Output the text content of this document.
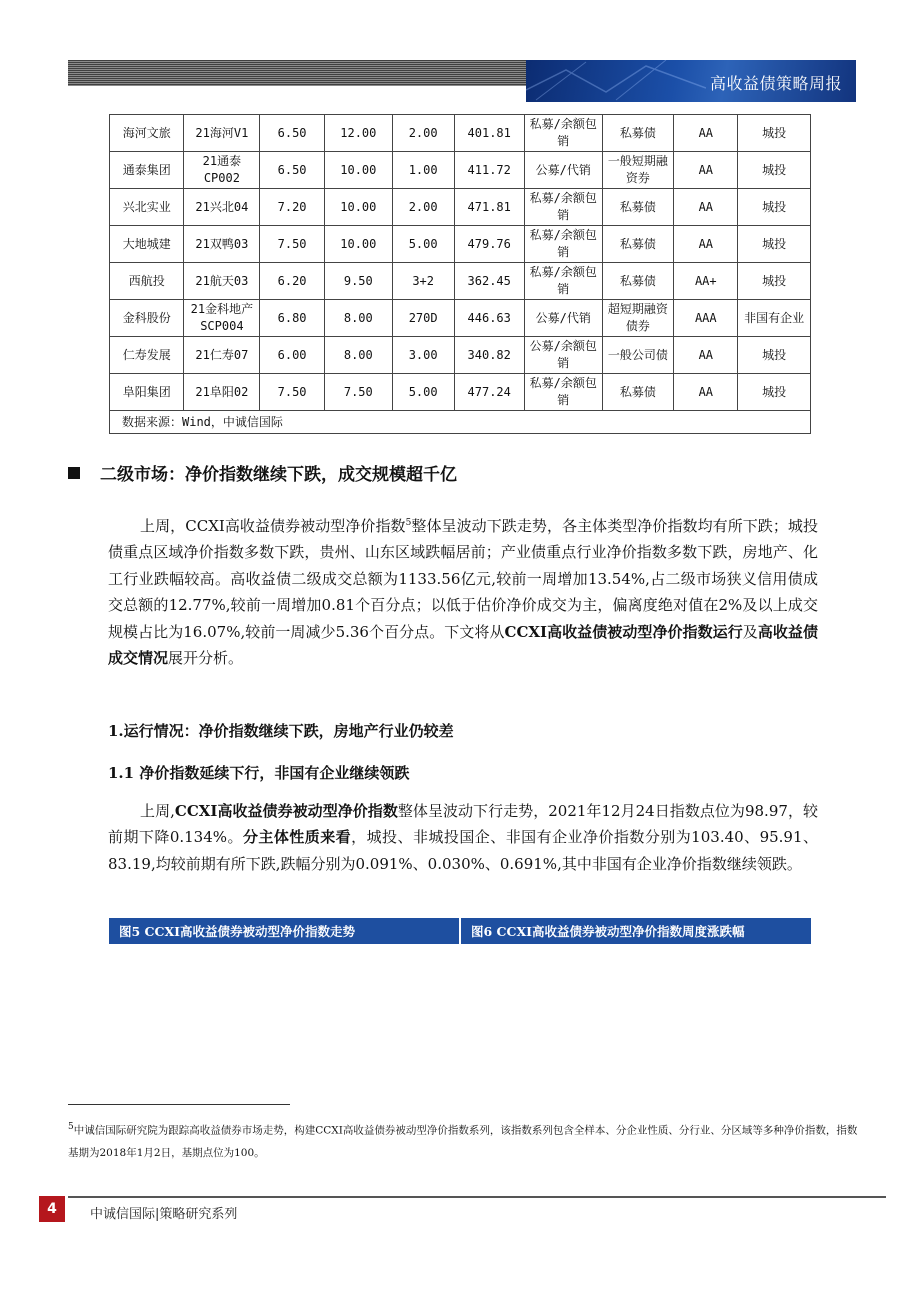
高收益债策略周报
海河文旅	21海河V1	6.50	12.00	2.00	401.81	私募/余额包销	私募债	AA	城投
通泰集团	21通泰CP002	6.50	10.00	1.00	411.72	公募/代销	一般短期融资券	AA	城投
兴北实业	21兴北04	7.20	10.00	2.00	471.81	私募/余额包销	私募债	AA	城投
大地城建	21双鸭03	7.50	10.00	5.00	479.76	私募/余额包销	私募债	AA	城投
西航投	21航天03	6.20	9.50	3+2	362.45	私募/余额包销	私募债	AA+	城投
金科股份	21金科地产SCP004	6.80	8.00	270D	446.63	公募/代销	超短期融资债券	AAA	非国有企业
仁寿发展	21仁寿07	6.00	8.00	3.00	340.82	公募/余额包销	一般公司债	AA	城投
阜阳集团	21阜阳02	7.50	7.50	5.00	477.24	私募/余额包销	私募债	AA	城投
数据来源：Wind，中诚信国际									
二级市场：净价指数继续下跌，成交规模超千亿
上周，CCXI高收益债券被动型净价指数$^5$整体呈波动下跌走势，各主体类型净价指数均有所下跌；城投债重点区域净价指数多数下跌，贵州、山东区域跌幅居前；产业债重点行业净价指数多数下跌，房地产、化工行业跌幅较高。高收益债二级成交总额为1133.56亿元,较前一周增加13.54%,占二级市场狭义信用债成交总额的12.77%,较前一周增加0.81个百分点；以低于估价净价成交为主，偏离度绝对值在2%及以上成交规模占比为16.07%,较前一周减少5.36个百分点。下文将从CCXI高收益债被动型净价指数运行及高收益债成交情况展开分析。
1.运行情况：净价指数继续下跌，房地产行业仍较差
1.1 净价指数延续下行，非国有企业继续领跌
上周,CCXI高收益债券被动型净价指数整体呈波动下行走势，2021年12月24日指数点位为98.97，较前期下降0.134%。分主体性质来看，城投、非城投国企、非国有企业净价指数分别为103.40、95.91、83.19,均较前期有所下跌,跌幅分别为0.091%、0.030%、0.691%,其中非国有企业净价指数继续领跌。
图5 CCXI高收益债券被动型净价指数走势	图6 CCXI高收益债券被动型净价指数周度涨跌幅
$^5$中诚信国际研究院为跟踪高收益债券市场走势，构建CCXI高收益债券被动型净价指数系列，该指数系列包含全样本、分企业性质、分行业、分区域等多种净价指数，指数基期为2018年1月2日，基期点位为100。
4	中诚信国际|策略研究系列
